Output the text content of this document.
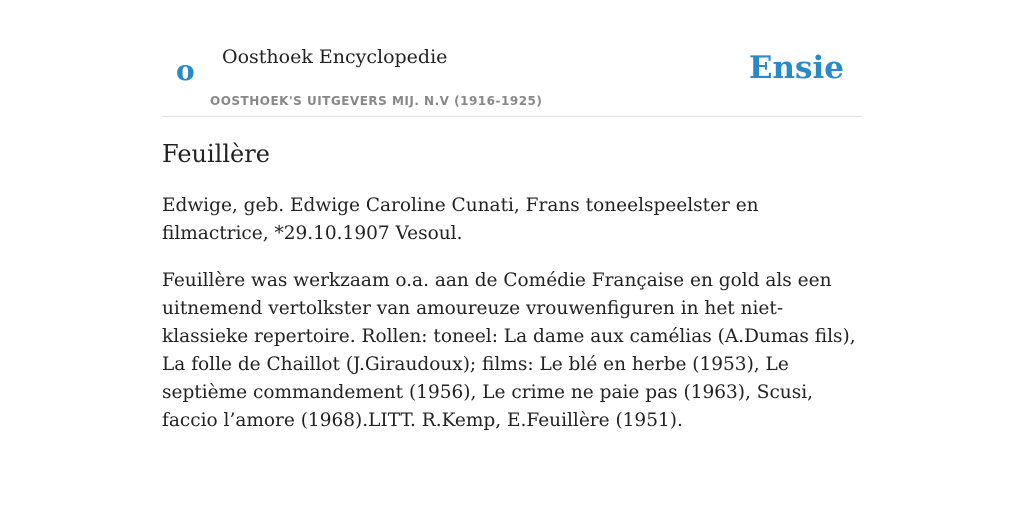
o Oosthoek Encyclopedie
OOSTHOEK'S UITGEVERS MIJ. N.V (1916-1925)
Ensie
Feuillère

Edwige, geb. Edwige Caroline Cunati, Frans toneelspeelster en filmactrice, *29.10.1907 Vesoul.

Feuillère was werkzaam o.a. aan de Comédie Française en gold als een uitnemend vertolkster van amoureuze vrouwenfiguren in het niet-klassieke repertoire. Rollen: toneel: La dame aux camélias (A.Dumas fils), La folle de Chaillot (J.Giraudoux); films: Le blé en herbe (1953), Le septième commandement (1956), Le crime ne paie pas (1963), Scusi, faccio l’amore (1968).LITT. R.Kemp, E.Feuillère (1951).
